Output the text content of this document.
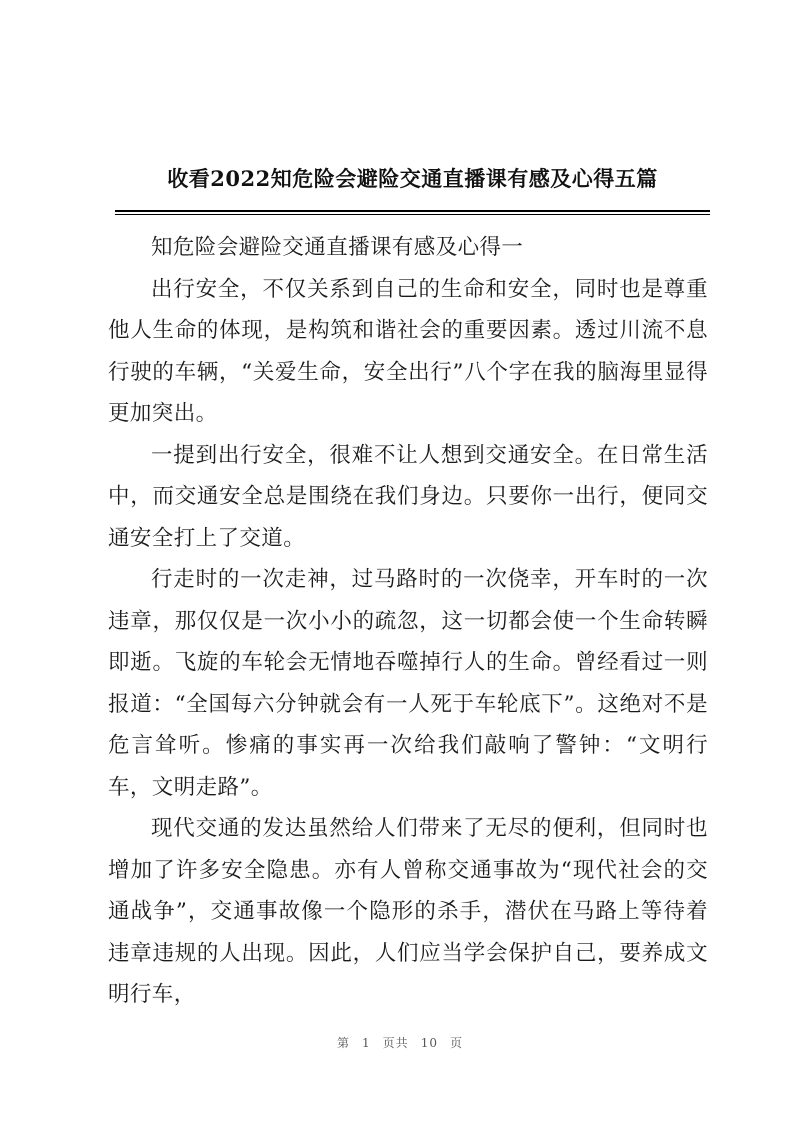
收看2022知危险会避险交通直播课有感及心得五篇

知危险会避险交通直播课有感及心得一

出行安全，不仅关系到自己的生命和安全，同时也是尊重他人生命的体现，是构筑和谐社会的重要因素。透过川流不息行驶的车辆，“关爱生命，安全出行”八个字在我的脑海里显得更加突出。

一提到出行安全，很难不让人想到交通安全。在日常生活中，而交通安全总是围绕在我们身边。只要你一出行，便同交通安全打上了交道。

行走时的一次走神，过马路时的一次侥幸，开车时的一次违章，那仅仅是一次小小的疏忽，这一切都会使一个生命转瞬即逝。飞旋的车轮会无情地吞噬掉行人的生命。曾经看过一则报道：“全国每六分钟就会有一人死于车轮底下”。这绝对不是危言耸听。惨痛的事实再一次给我们敲响了警钟：“文明行车，文明走路”。

现代交通的发达虽然给人们带来了无尽的便利，但同时也增加了许多安全隐患。亦有人曾称交通事故为“现代社会的交通战争”，交通事故像一个隐形的杀手，潜伏在马路上等待着违章违规的人出现。因此，人们应当学会保护自己，要养成文明行车，

第 1 页共 10 页
